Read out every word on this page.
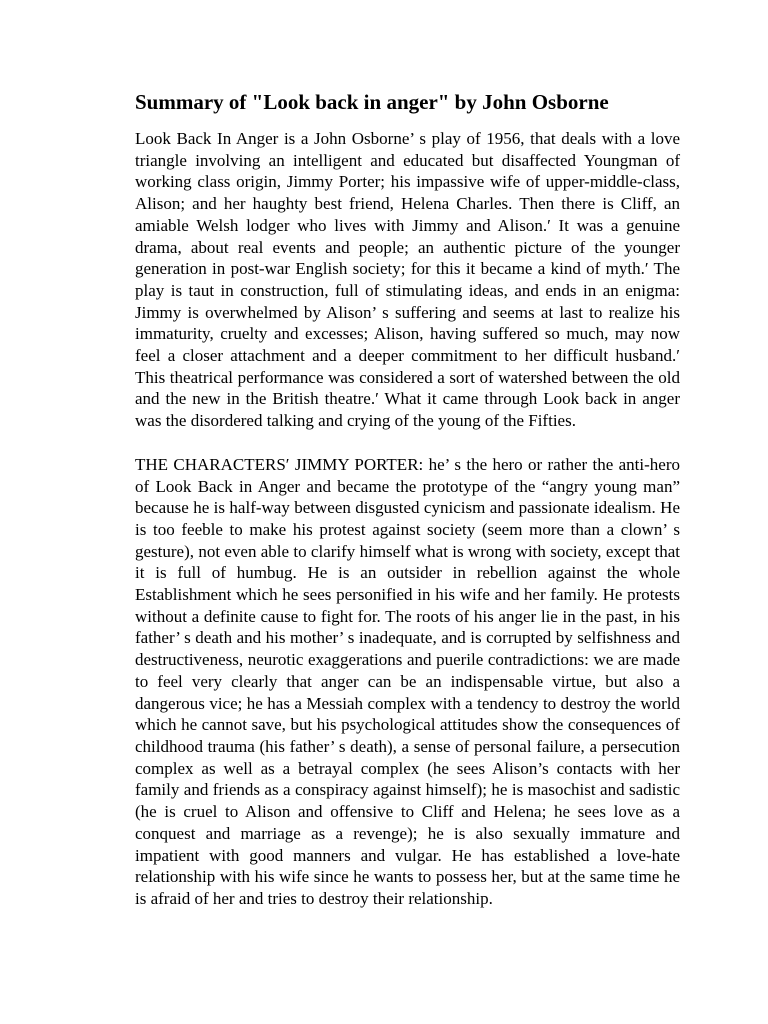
Summary of "Look back in anger" by John Osborne

Look Back In Anger is a John Osborne’ s play of 1956, that deals with a love triangle involving an intelligent and educated but disaffected Youngman of working class origin, Jimmy Porter; his impassive wife of upper-middle-class, Alison; and her haughty best friend, Helena Charles. Then there is Cliff, an amiable Welsh lodger who lives with Jimmy and Alison.′ It was a genuine drama, about real events and people; an authentic picture of the younger generation in post-war English society; for this it became a kind of myth.′ The play is taut in construction, full of stimulating ideas, and ends in an enigma: Jimmy is overwhelmed by Alison’ s suffering and seems at last to realize his immaturity, cruelty and excesses; Alison, having suffered so much, may now feel a closer attachment and a deeper commitment to her difficult husband.′ This theatrical performance was considered a sort of watershed between the old and the new in the British theatre.′ What it came through Look back in anger was the disordered talking and crying of the young of the Fifties.

THE CHARACTERS′ JIMMY PORTER: he’ s the hero or rather the anti-hero of Look Back in Anger and became the prototype of the “angry young man” because he is half-way between disgusted cynicism and passionate idealism. He is too feeble to make his protest against society (seem more than a clown’ s gesture), not even able to clarify himself what is wrong with society, except that it is full of humbug. He is an outsider in rebellion against the whole Establishment which he sees personified in his wife and her family. He protests without a definite cause to fight for. The roots of his anger lie in the past, in his father’ s death and his mother’ s inadequate, and is corrupted by selfishness and destructiveness, neurotic exaggerations and puerile contradictions: we are made to feel very clearly that anger can be an indispensable virtue, but also a dangerous vice; he has a Messiah complex with a tendency to destroy the world which he cannot save, but his psychological attitudes show the consequences of childhood trauma (his father’ s death), a sense of personal failure, a persecution complex as well as a betrayal complex (he sees Alison’s contacts with her family and friends as a conspiracy against himself); he is masochist and sadistic (he is cruel to Alison and offensive to Cliff and Helena; he sees love as a conquest and marriage as a revenge); he is also sexually immature and impatient with good manners and vulgar. He has established a love-hate relationship with his wife since he wants to possess her, but at the same time he is afraid of her and tries to destroy their relationship.
